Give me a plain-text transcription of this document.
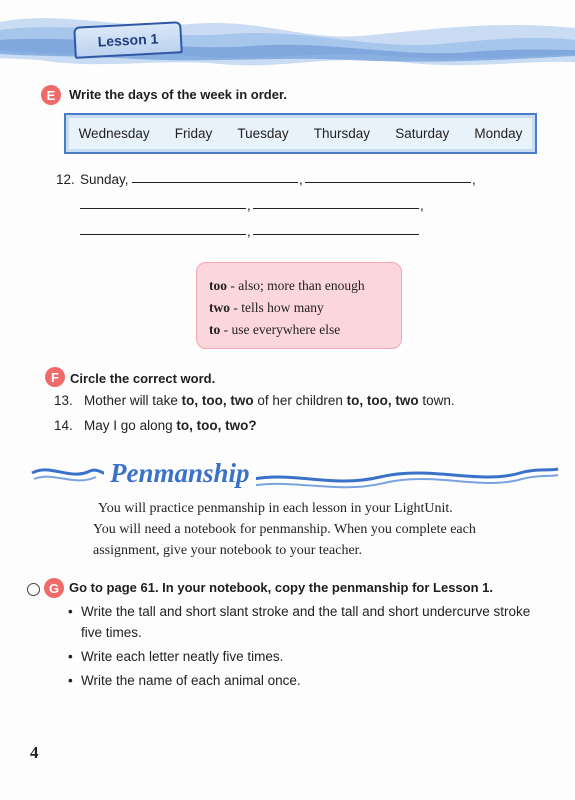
Lesson 1
E	Write the days of the week in order.
Wednesday Friday Tuesday Thursday Saturday Monday
12. Sunday,	,	,
,	,
,
too - also; more than enough
two - tells how many
to - use everywhere else
F Circle the correct word.
13. Mother will take to, too, two of her children to, too, two town.
14. May I go along to, too, two?
Penmanship
You will practice penmanship in each lesson in your LightUnit.
You will need a notebook for penmanship. When you complete each
assignment, give your notebook to your teacher.
G Go to page 61. In your notebook, copy the penmanship for Lesson 1.
• Write the tall and short slant stroke and the tall and short undercurve stroke
five times.
• Write each letter neatly five times.
• Write the name of each animal once.
4
